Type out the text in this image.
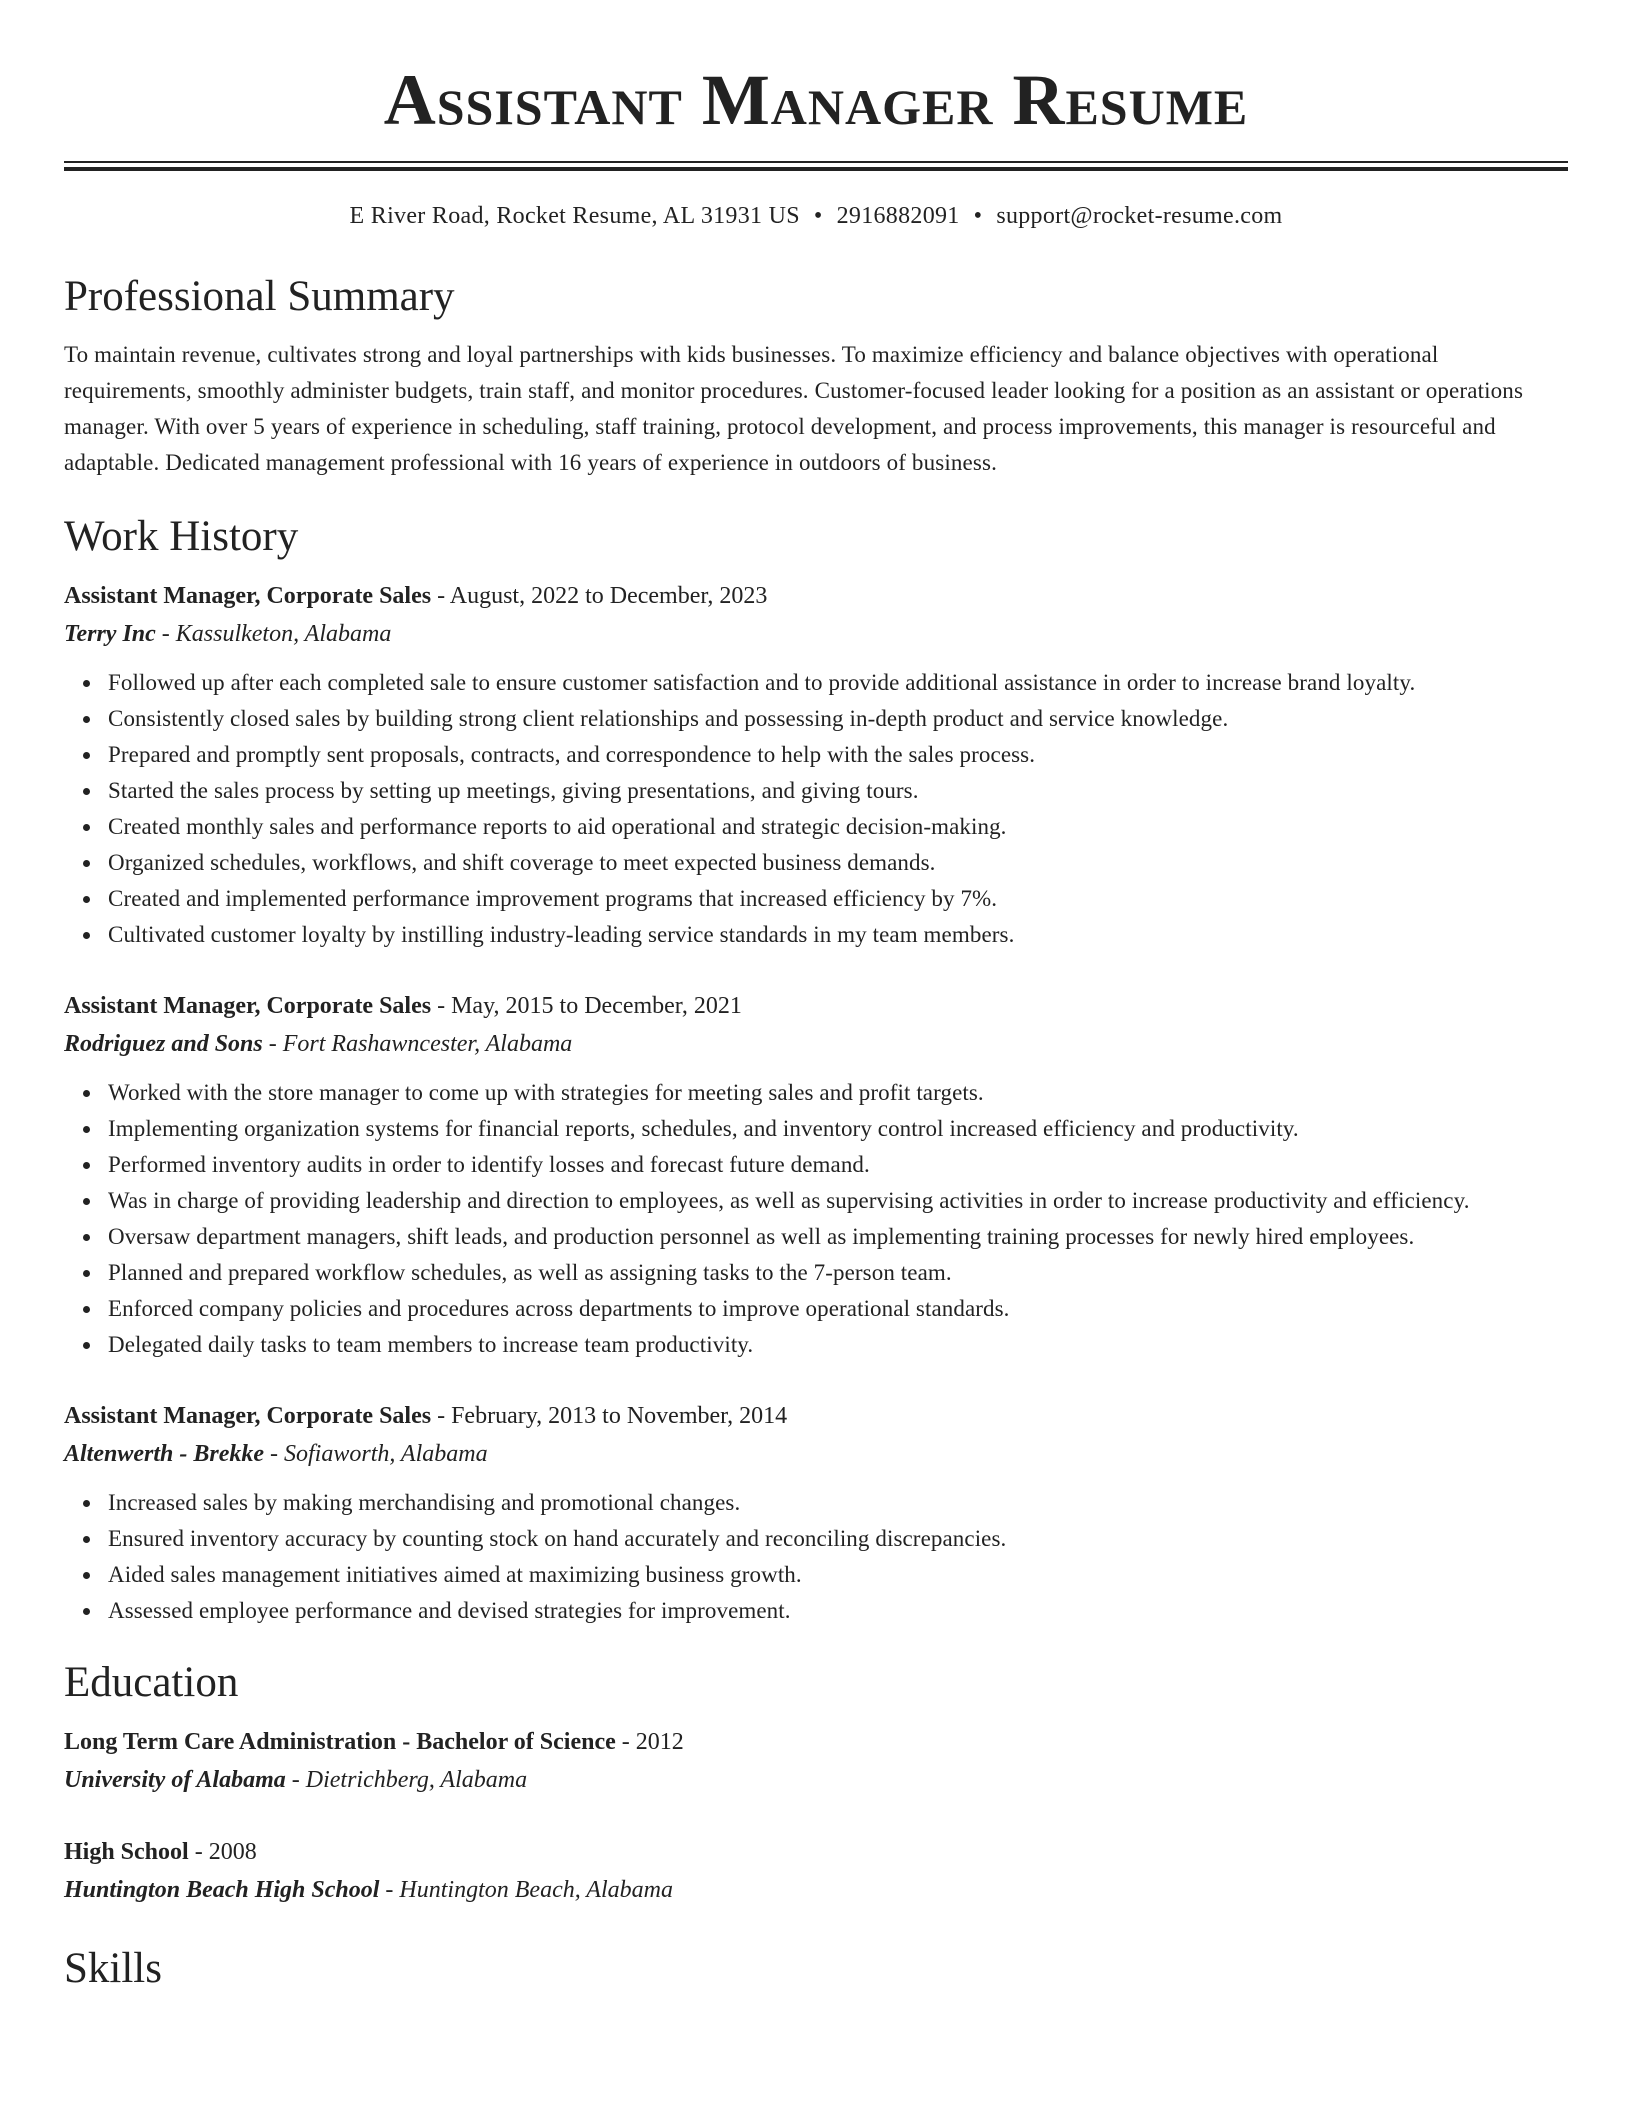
Assistant Manager Resume
E River Road, Rocket Resume, AL 31931 US • 2916882091 • support@rocket-resume.com
Professional Summary

To maintain revenue, cultivates strong and loyal partnerships with kids businesses. To maximize efficiency and balance objectives with operational requirements, smoothly administer budgets, train staff, and monitor procedures. Customer-focused leader looking for a position as an assistant or operations manager. With over 5 years of experience in scheduling, staff training, protocol development, and process improvements, this manager is resourceful and adaptable. Dedicated management professional with 16 years of experience in outdoors of business.

Work History
Assistant Manager, Corporate Sales - August, 2022 to December, 2023
Terry Inc - Kassulketon, Alabama
Followed up after each completed sale to ensure customer satisfaction and to provide additional assistance in order to increase brand loyalty.
Consistently closed sales by building strong client relationships and possessing in-depth product and service knowledge.
Prepared and promptly sent proposals, contracts, and correspondence to help with the sales process.
Started the sales process by setting up meetings, giving presentations, and giving tours.
Created monthly sales and performance reports to aid operational and strategic decision-making.
Organized schedules, workflows, and shift coverage to meet expected business demands.
Created and implemented performance improvement programs that increased efficiency by 7%.
Cultivated customer loyalty by instilling industry-leading service standards in my team members.
Assistant Manager, Corporate Sales - May, 2015 to December, 2021
Rodriguez and Sons - Fort Rashawncester, Alabama
Worked with the store manager to come up with strategies for meeting sales and profit targets.
Implementing organization systems for financial reports, schedules, and inventory control increased efficiency and productivity.
Performed inventory audits in order to identify losses and forecast future demand.
Was in charge of providing leadership and direction to employees, as well as supervising activities in order to increase productivity and efficiency.
Oversaw department managers, shift leads, and production personnel as well as implementing training processes for newly hired employees.
Planned and prepared workflow schedules, as well as assigning tasks to the 7-person team.
Enforced company policies and procedures across departments to improve operational standards.
Delegated daily tasks to team members to increase team productivity.
Assistant Manager, Corporate Sales - February, 2013 to November, 2014
Altenwerth - Brekke - Sofiaworth, Alabama
Increased sales by making merchandising and promotional changes.
Ensured inventory accuracy by counting stock on hand accurately and reconciling discrepancies.
Aided sales management initiatives aimed at maximizing business growth.
Assessed employee performance and devised strategies for improvement.
Education
Long Term Care Administration - Bachelor of Science - 2012
University of Alabama - Dietrichberg, Alabama
High School - 2008
Huntington Beach High School - Huntington Beach, Alabama
Skills
